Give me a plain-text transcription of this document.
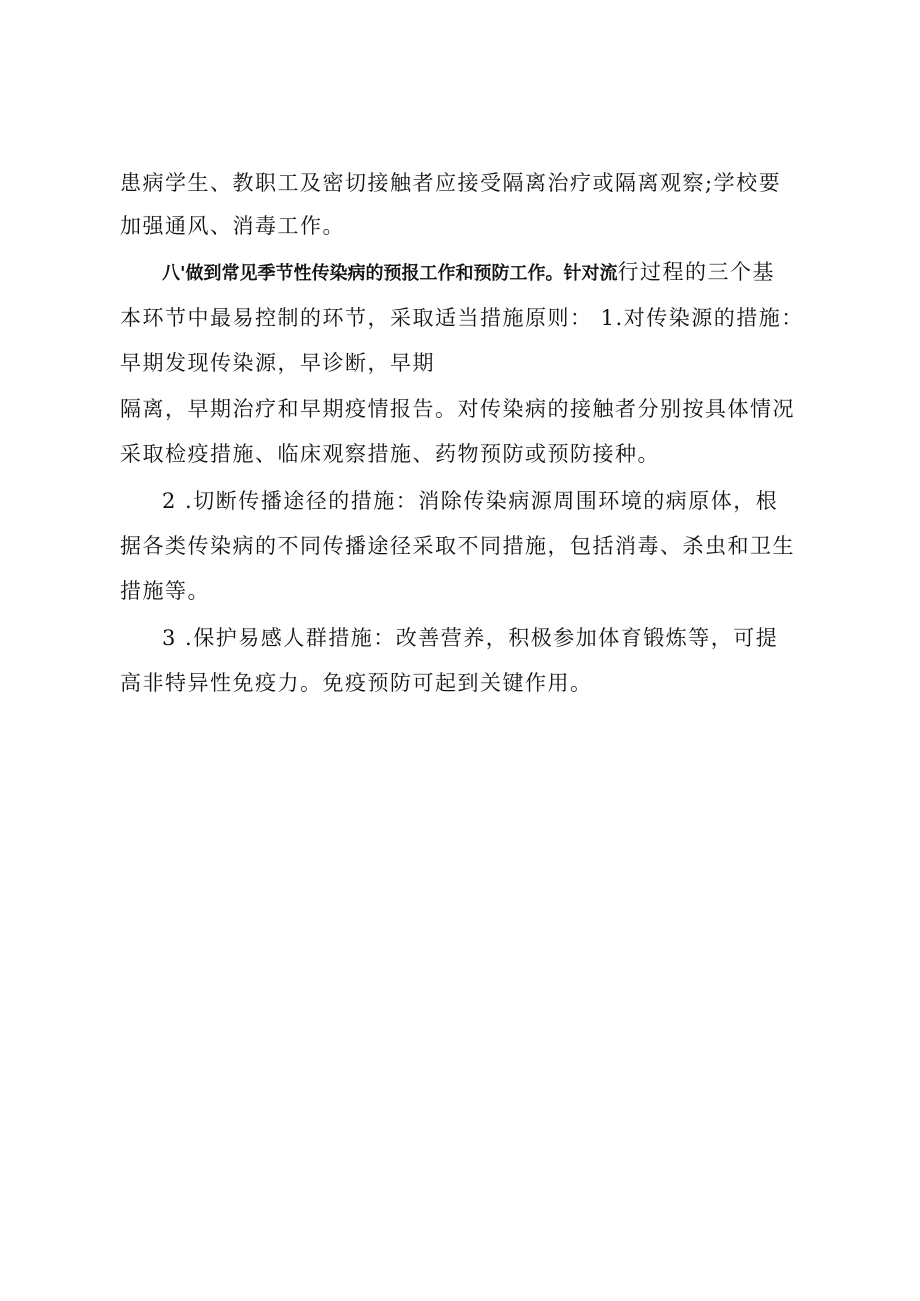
患病学生、教职工及密切接触者应接受隔离治疗或隔离观察;学校要
加强通风、消毒工作。
八'做到常见季节性传染病的预报工作和预防工作。针对流行过程的三个基
本环节中最易控制的环节，采取适当措施原则： 1.对传染源的措施：
早期发现传染源，早诊断，早期
隔离，早期治疗和早期疫情报告。对传染病的接触者分别按具体情况
采取检疫措施、临床观察措施、药物预防或预防接种。
2 .切断传播途径的措施：消除传染病源周围环境的病原体，根
据各类传染病的不同传播途径采取不同措施，包括消毒、杀虫和卫生
措施等。
3 .保护易感人群措施：改善营养，积极参加体育锻炼等，可提
高非特异性免疫力。免疫预防可起到关键作用。
